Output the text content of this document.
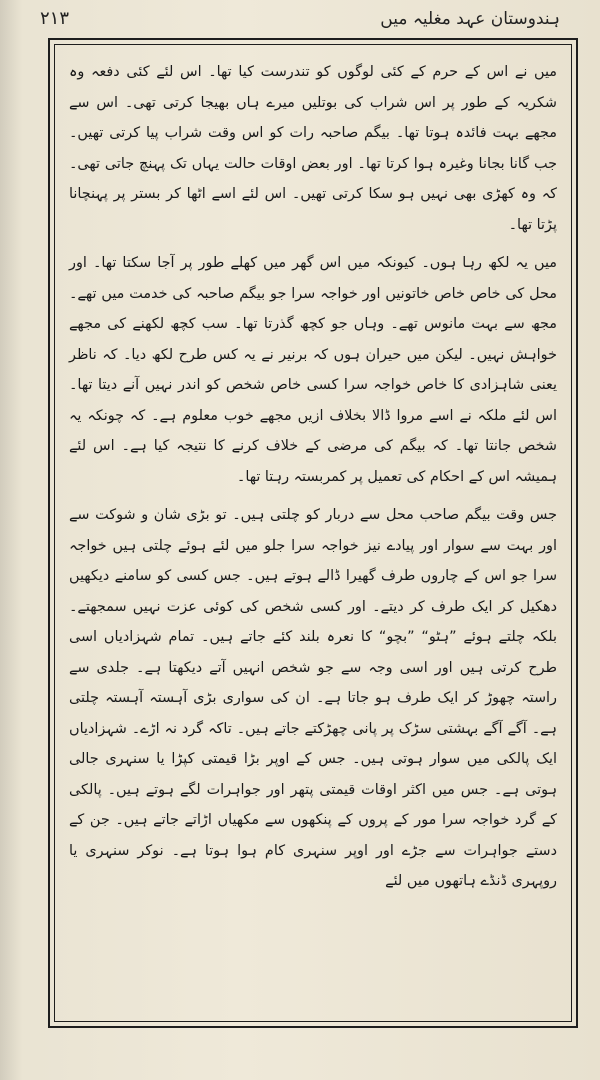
ہندوستان عہد مغلیہ میں
٢١٣

میں نے اس کے حرم کے کئی لوگوں کو تندرست کیا تھا۔ اس لئے کئی دفعہ وہ شکریہ کے طور پر اس شراب کی بوتلیں میرے ہاں بھیجا کرتی تھی۔ اس سے مجھے بہت فائدہ ہوتا تھا۔ بیگم صاحبہ رات کو اس وقت شراب پیا کرتی تھیں۔ جب گانا بجانا وغیرہ ہوا کرتا تھا۔ اور بعض اوقات حالت یہاں تک پہنچ جاتی تھی۔ کہ وہ کھڑی بھی نہیں ہو سکا کرتی تھیں۔ اس لئے اسے اٹھا کر بستر پر پہنچانا پڑتا تھا۔

میں یہ لکھ رہا ہوں۔ کیونکہ میں اس گھر میں کھلے طور پر آجا سکتا تھا۔ اور محل کی خاص خاص خاتونیں اور خواجہ سرا جو بیگم صاحبہ کی خدمت میں تھے۔ مجھ سے بہت مانوس تھے۔ وہاں جو کچھ گذرتا تھا۔ سب کچھ لکھنے کی مجھے خواہش نہیں۔ لیکن میں حیران ہوں کہ برنیر نے یہ کس طرح لکھ دیا۔ کہ ناظر یعنی شاہزادی کا خاص خواجہ سرا کسی خاص شخص کو اندر نہیں آنے دیتا تھا۔ اس لئے ملکہ نے اسے مروا ڈالا بخلاف ازیں مجھے خوب معلوم ہے۔ کہ چونکہ یہ شخص جانتا تھا۔ کہ بیگم کی مرضی کے خلاف کرنے کا نتیجہ کیا ہے۔ اس لئے ہمیشہ اس کے احکام کی تعمیل پر کمربستہ رہتا تھا۔

جس وقت بیگم صاحب محل سے دربار کو چلتی ہیں۔ تو بڑی شان و شوکت سے اور بہت سے سوار اور پیادے نیز خواجہ سرا جلو میں لئے ہوئے چلتی ہیں خواجہ سرا جو اس کے چاروں طرف گھیرا ڈالے ہوتے ہیں۔ جس کسی کو سامنے دیکھیں دھکیل کر ایک طرف کر دیتے۔ اور کسی شخص کی کوئی عزت نہیں سمجھتے۔ بلکہ چلتے ہوئے ”ہٹو“ ”بچو“ کا نعرہ بلند کئے جاتے ہیں۔ تمام شہزادیاں اسی طرح کرتی ہیں اور اسی وجہ سے جو شخص انہیں آتے دیکھتا ہے۔ جلدی سے راستہ چھوڑ کر ایک طرف ہو جاتا ہے۔ ان کی سواری بڑی آہستہ آہستہ چلتی ہے۔ آگے آگے بہشتی سڑک پر پانی چھڑکتے جاتے ہیں۔ تاکہ گرد نہ اڑے۔ شہزادیاں ایک پالکی میں سوار ہوتی ہیں۔ جس کے اوپر بڑا قیمتی کپڑا یا سنہری جالی ہوتی ہے۔ جس میں اکثر اوقات قیمتی پتھر اور جواہرات لگے ہوتے ہیں۔ پالکی کے گرد خواجہ سرا مور کے پروں کے پنکھوں سے مکھیاں اڑاتے جاتے ہیں۔ جن کے دستے جواہرات سے جڑے اور اوپر سنہری کام ہوا ہوتا ہے۔ نوکر سنہری یا روپہری ڈنڈے ہاتھوں میں لئے
